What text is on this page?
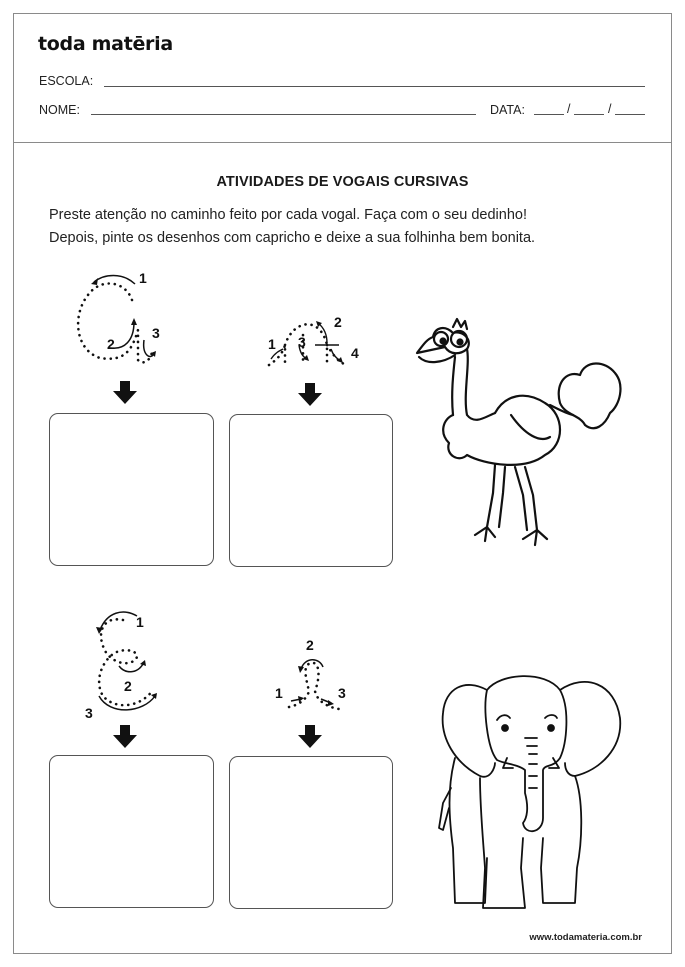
toda matēria
ESCOLA:
NOME:	DATA:	/	/
ATIVIDADES DE VOGAIS CURSIVAS
Preste atenção no caminho feito por cada vogal. Faça com o seu dedinho!
Depois, pinte os desenhos com capricho e deixe a sua folhinha bem bonita.
1
2
3
1
2
3
4
1
2
3
2
1	3
www.todamateria.com.br
